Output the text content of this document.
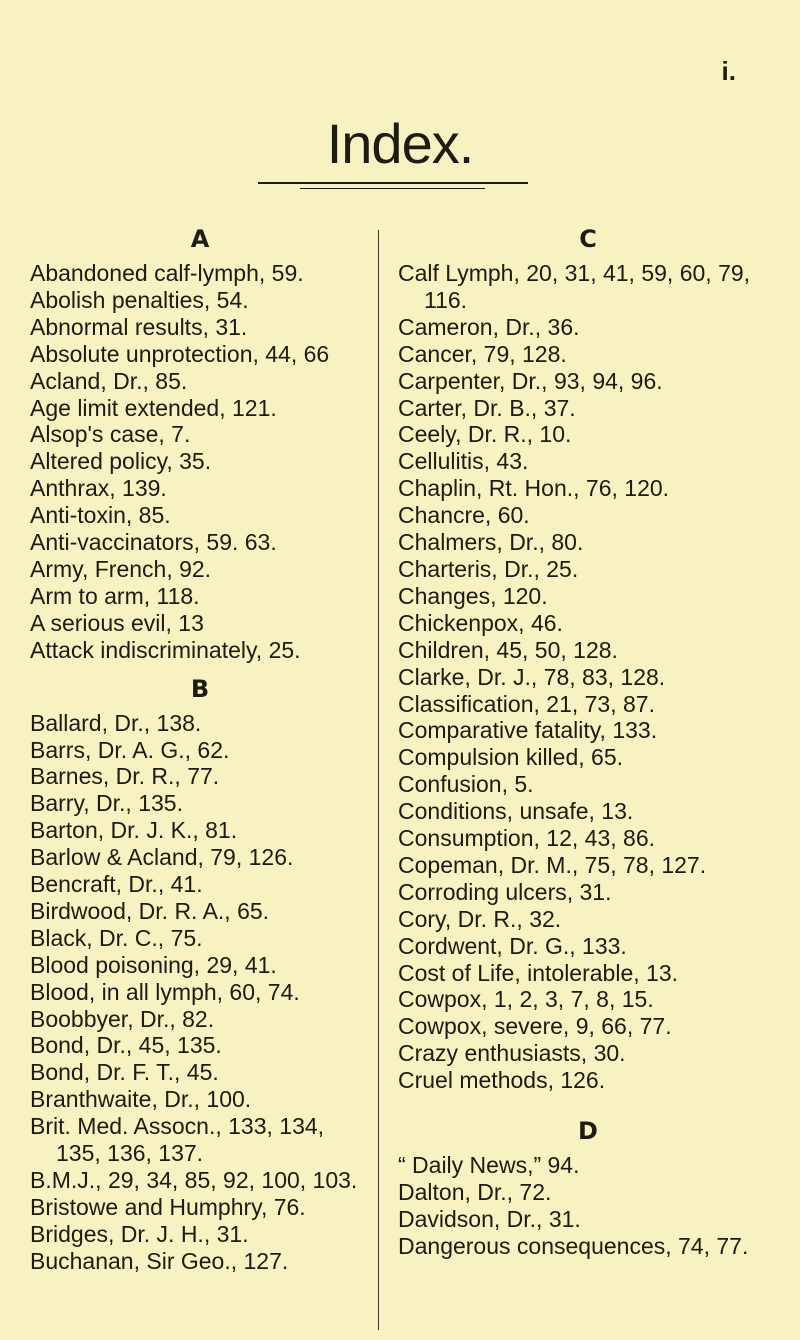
i.
Index.
A
Abandoned calf-lymph, 59.
Abolish penalties, 54.
Abnormal results, 31.
Absolute unprotection, 44, 66
Acland, Dr., 85.
Age limit extended, 121.
Alsop's case, 7.
Altered policy, 35.
Anthrax, 139.
Anti-toxin, 85.
Anti-vaccinators, 59. 63.
Army, French, 92.
Arm to arm, 118.
A serious evil, 13
Attack indiscriminately, 25.
B
Ballard, Dr., 138.
Barrs, Dr. A. G., 62.
Barnes, Dr. R., 77.
Barry, Dr., 135.
Barton, Dr. J. K., 81.
Barlow & Acland, 79, 126.
Bencraft, Dr., 41.
Birdwood, Dr. R. A., 65.
Black, Dr. C., 75.
Blood poisoning, 29, 41.
Blood, in all lymph, 60, 74.
Boobbyer, Dr., 82.
Bond, Dr., 45, 135.
Bond, Dr. F. T., 45.
Branthwaite, Dr., 100.
Brit. Med. Assocn., 133, 134, 135, 136, 137.
B.M.J., 29, 34, 85, 92, 100, 103.
Bristowe and Humphry, 76.
Bridges, Dr. J. H., 31.
Buchanan, Sir Geo., 127.
C
Calf Lymph, 20, 31, 41, 59, 60, 79, 116.
Cameron, Dr., 36.
Cancer, 79, 128.
Carpenter, Dr., 93, 94, 96.
Carter, Dr. B., 37.
Ceely, Dr. R., 10.
Cellulitis, 43.
Chaplin, Rt. Hon., 76, 120.
Chancre, 60.
Chalmers, Dr., 80.
Charteris, Dr., 25.
Changes, 120.
Chickenpox, 46.
Children, 45, 50, 128.
Clarke, Dr. J., 78, 83, 128.
Classification, 21, 73, 87.
Comparative fatality, 133.
Compulsion killed, 65.
Confusion, 5.
Conditions, unsafe, 13.
Consumption, 12, 43, 86.
Copeman, Dr. M., 75, 78, 127.
Corroding ulcers, 31.
Cory, Dr. R., 32.
Cordwent, Dr. G., 133.
Cost of Life, intolerable, 13.
Cowpox, 1, 2, 3, 7, 8, 15.
Cowpox, severe, 9, 66, 77.
Crazy enthusiasts, 30.
Cruel methods, 126.
D
“ Daily News,” 94.
Dalton, Dr., 72.
Davidson, Dr., 31.
Dangerous consequences, 74, 77.
